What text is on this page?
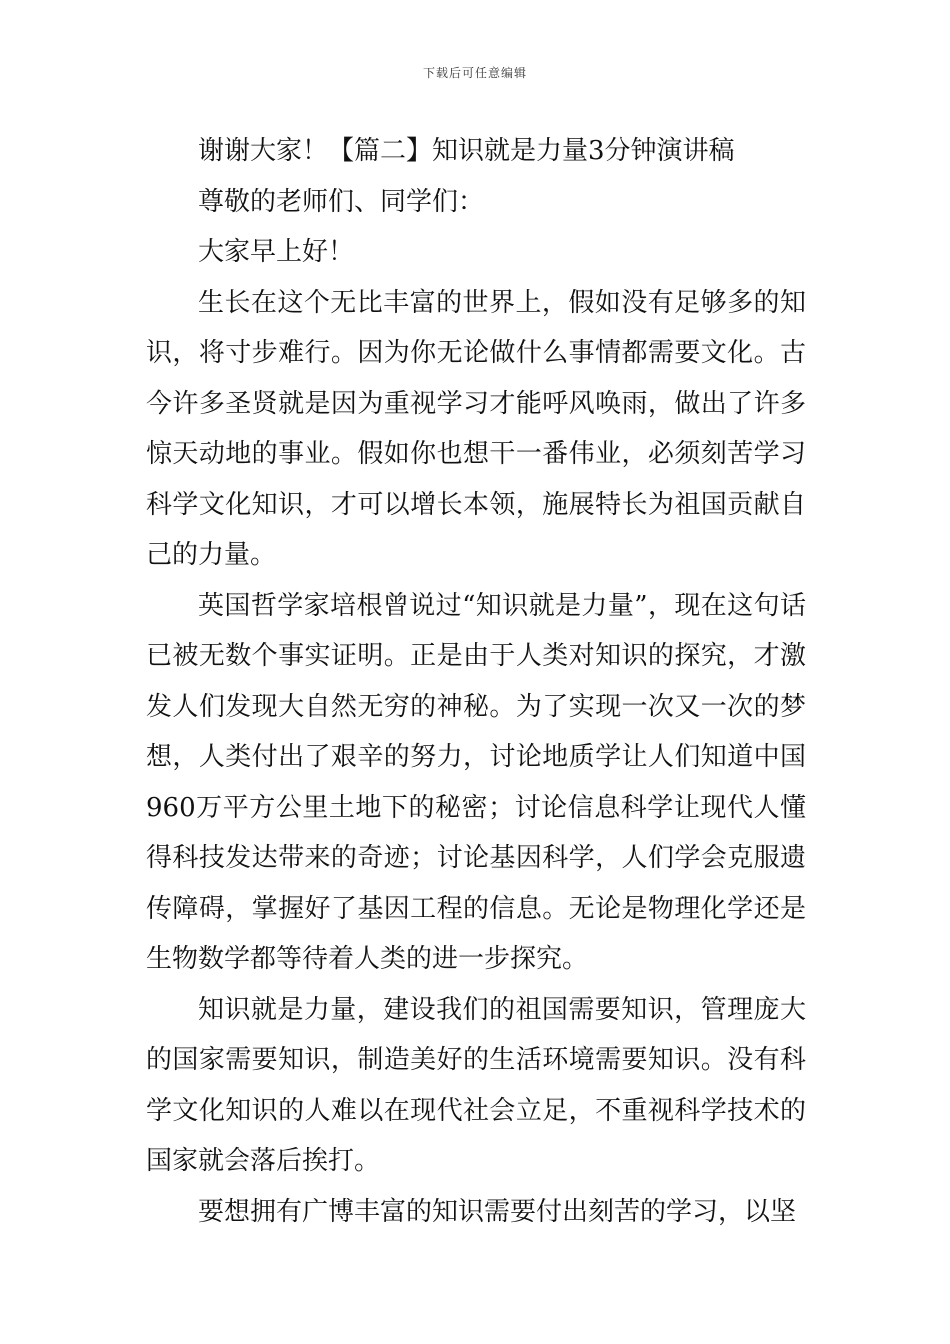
下载后可任意编辑

谢谢大家！【篇二】知识就是力量3分钟演讲稿

尊敬的老师们、同学们：

大家早上好！

生长在这个无比丰富的世界上，假如没有足够多的知识，将寸步难行。因为你无论做什么事情都需要文化。古今许多圣贤就是因为重视学习才能呼风唤雨，做出了许多惊天动地的事业。假如你也想干一番伟业，必须刻苦学习科学文化知识，才可以增长本领，施展特长为祖国贡献自己的力量。

英国哲学家培根曾说过“知识就是力量”，现在这句话已被无数个事实证明。正是由于人类对知识的探究，才激发人们发现大自然无穷的神秘。为了实现一次又一次的梦想，人类付出了艰辛的努力，讨论地质学让人们知道中国960万平方公里土地下的秘密；讨论信息科学让现代人懂得科技发达带来的奇迹；讨论基因科学，人们学会克服遗传障碍，掌握好了基因工程的信息。无论是物理化学还是生物数学都等待着人类的进一步探究。

知识就是力量，建设我们的祖国需要知识，管理庞大的国家需要知识，制造美好的生活环境需要知识。没有科学文化知识的人难以在现代社会立足，不重视科学技术的国家就会落后挨打。

要想拥有广博丰富的知识需要付出刻苦的学习，以坚
